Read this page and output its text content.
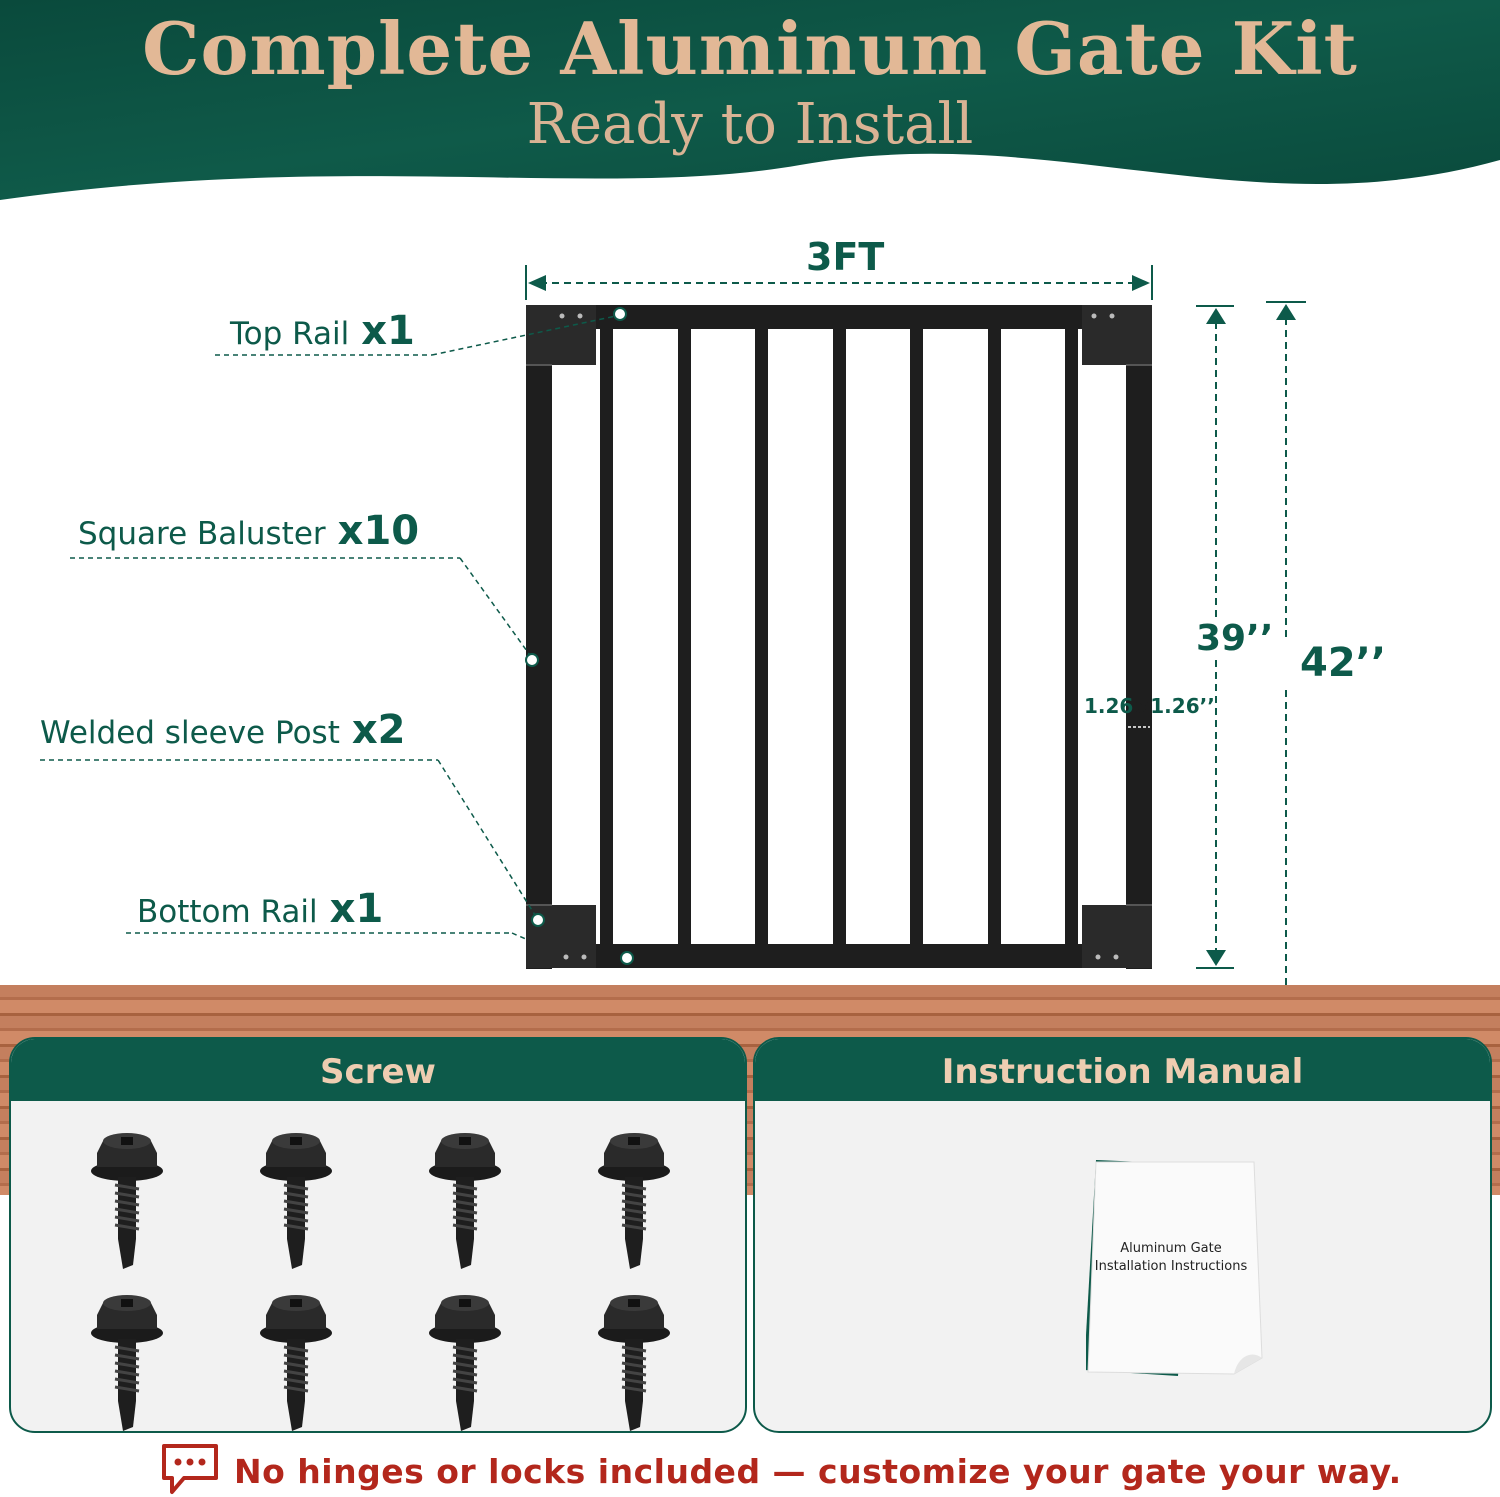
Complete Aluminum Gate Kit
Ready to Install
Top Rail x1
Square Baluster x10
Welded sleeve Post x2
Bottom Rail x1
3FT
39’’
42’’
1.26 x 1.26’’
Screw	Instruction Manual
Aluminum Gate
Installation Instructions
No hinges or locks included — customize your gate your way.
